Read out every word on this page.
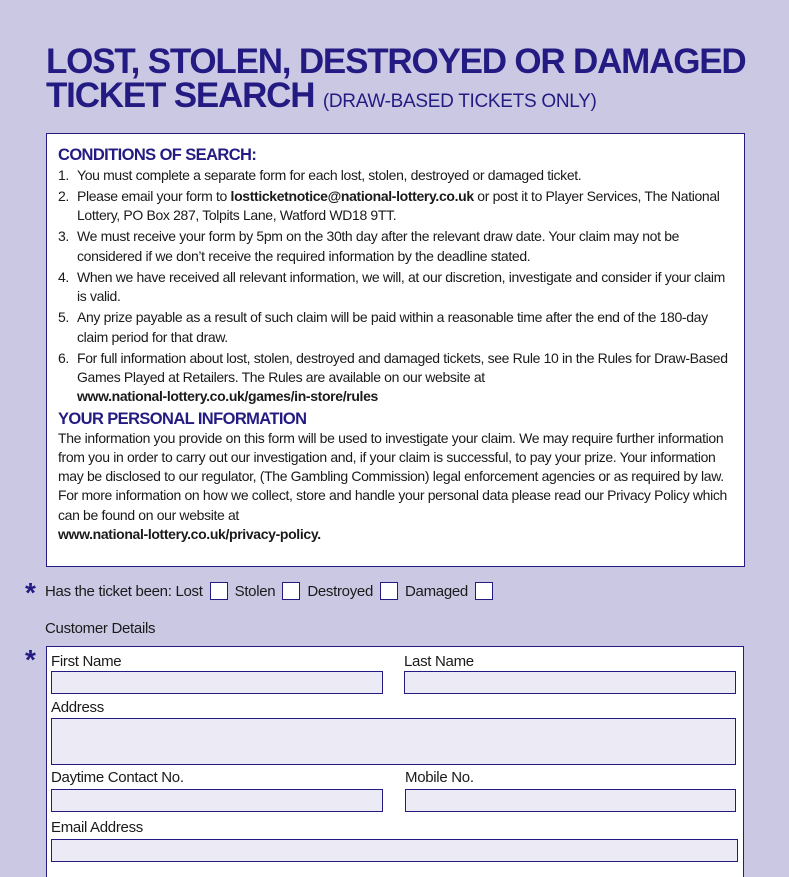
LOST, STOLEN, DESTROYED OR DAMAGED
TICKET SEARCH (DRAW-BASED TICKETS ONLY)
CONDITIONS OF SEARCH:
1. You must complete a separate form for each lost, stolen, destroyed or damaged ticket.
2. Please email your form to lostticketnotice@national-lottery.co.uk or post it to Player Services, The National Lottery, PO Box 287, Tolpits Lane, Watford WD18 9TT.
3. We must receive your form by 5pm on the 30th day after the relevant draw date. Your claim may not be considered if we don’t receive the required information by the deadline stated.
4. When we have received all relevant information, we will, at our discretion, investigate and consider if your claim is valid.
5. Any prize payable as a result of such claim will be paid within a reasonable time after the end of the 180-day claim period for that draw.
6. For full information about lost, stolen, destroyed and damaged tickets, see Rule 10 in the Rules for Draw-Based Games Played at Retailers. The Rules are available on our website at
www.national-lottery.co.uk/games/in-store/rules
YOUR PERSONAL INFORMATION
The information you provide on this form will be used to investigate your claim. We may require further information from you in order to carry out our investigation and, if your claim is successful, to pay your prize. Your information may be disclosed to our regulator, (The Gambling Commission) legal enforcement agencies or as required by law. For more information on how we collect, store and handle your personal data please read our Privacy Policy which can be found on our website at
www.national-lottery.co.uk/privacy-policy.
* Has the ticket been: Lost Stolen Destroyed Damaged
Customer Details
* First Name	Last Name
Address
Daytime Contact No.	Mobile No.
Email Address
